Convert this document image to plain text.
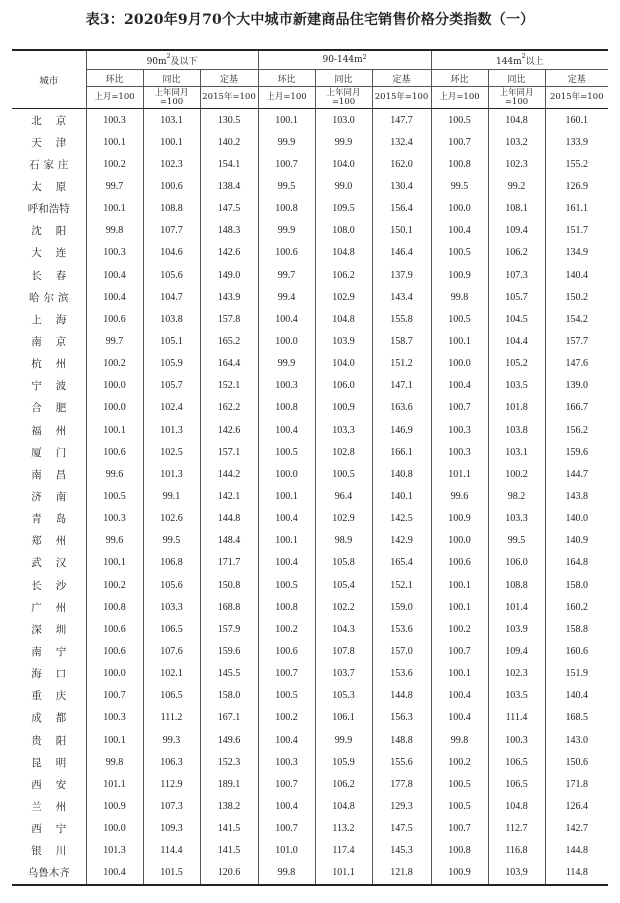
表3：2020年9月70个大中城市新建商品住宅销售价格分类指数（一）
城市	$90m^2$及以下			$90-144m^2$			$144m^2$以上		
	环比	同比	定基	环比	同比	定基	环比	同比	定基
	上月=100	上年同月=100	2015年=100	上月=100	上年同月=100	2015年=100	上月=100	上年同月=100	2015年=100
北京	100.3	103.1	130.5	100.1	103.0	147.7	100.5	104.8	160.1
天津	100.1	100.1	140.2	99.9	99.9	132.4	100.7	103.2	133.9
石家庄	100.2	102.3	154.1	100.7	104.0	162.0	100.8	102.3	155.2
太原	99.7	100.6	138.4	99.5	99.0	130.4	99.5	99.2	126.9
呼和浩特	100.1	108.8	147.5	100.8	109.5	156.4	100.0	108.1	161.1
沈阳	99.8	107.7	148.3	99.9	108.0	150.1	100.4	109.4	151.7
大连	100.3	104.6	142.6	100.6	104.8	146.4	100.5	106.2	134.9
长春	100.4	105.6	149.0	99.7	106.2	137.9	100.9	107.3	140.4
哈尔滨	100.4	104.7	143.9	99.4	102.9	143.4	99.8	105.7	150.2
上海	100.6	103.8	157.8	100.4	104.8	155.8	100.5	104.5	154.2
南京	99.7	105.1	165.2	100.0	103.9	158.7	100.1	104.4	157.7
杭州	100.2	105.9	164.4	99.9	104.0	151.2	100.0	105.2	147.6
宁波	100.0	105.7	152.1	100.3	106.0	147.1	100.4	103.5	139.0
合肥	100.0	102.4	162.2	100.8	100.9	163.6	100.7	101.8	166.7
福州	100.1	101.3	142.6	100.4	103.3	146.9	100.3	103.8	156.2
厦门	100.6	102.5	157.1	100.5	102.8	166.1	100.3	103.1	159.6
南昌	99.6	101.3	144.2	100.0	100.5	140.8	101.1	100.2	144.7
济南	100.5	99.1	142.1	100.1	96.4	140.1	99.6	98.2	143.8
青岛	100.3	102.6	144.8	100.4	102.9	142.5	100.9	103.3	140.0
郑州	99.6	99.5	148.4	100.1	98.9	142.9	100.0	99.5	140.9
武汉	100.1	106.8	171.7	100.4	105.8	165.4	100.6	106.0	164.8
长沙	100.2	105.6	150.8	100.5	105.4	152.1	100.1	108.8	158.0
广州	100.8	103.3	168.8	100.8	102.2	159.0	100.1	101.4	160.2
深圳	100.6	106.5	157.9	100.2	104.3	153.6	100.2	103.9	158.8
南宁	100.6	107.6	159.6	100.6	107.8	157.0	100.7	109.4	160.6
海口	100.0	102.1	145.5	100.7	103.7	153.6	100.1	102.3	151.9
重庆	100.7	106.5	158.0	100.5	105.3	144.8	100.4	103.5	140.4
成都	100.3	111.2	167.1	100.2	106.1	156.3	100.4	111.4	168.5
贵阳	100.1	99.3	149.6	100.4	99.9	148.8	99.8	100.3	143.0
昆明	99.8	106.3	152.3	100.3	105.9	155.6	100.2	106.5	150.6
西安	101.1	112.9	189.1	100.7	106.2	177.8	100.5	106.5	171.8
兰州	100.9	107.3	138.2	100.4	104.8	129.3	100.5	104.8	126.4
西宁	100.0	109.3	141.5	100.7	113.2	147.5	100.7	112.7	142.7
银川	101.3	114.4	141.5	101.0	117.4	145.3	100.8	116.8	144.8
乌鲁木齐	100.4	101.5	120.6	99.8	101.1	121.8	100.9	103.9	114.8
